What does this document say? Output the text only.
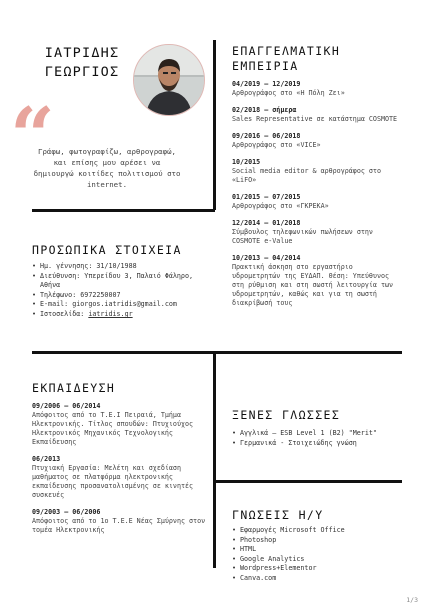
ΙΑΤΡΙΔΗΣ
ΓΕΩΡΓΙΟΣ
“
Γράφω, φωτογραφίζω, αρθρογραφώ, και επίσης μου αρέσει να δημιουργώ κοιτίδες πολιτισμού στο internet.
ΠΡΟΣΩΠΙΚΑ ΣΤΟΙΧΕΙΑ
• Ημ. γέννησης: 31/10/1988
• Διεύθυνση: Υπερείδου 3, Παλαιό Φάληρο, Αθήνα
• Τηλέφωνο: 6972250007
• E-mail: giorgos.iatridis@gmail.com
• Ιστοσελίδα: iatridis.gr
ΕΚΠΑΙΔΕΥΣΗ
09/2006 – 06/2014
Απόφοιτος από το Τ.Ε.Ι Πειραιά, Τμήμα Ηλεκτρονικής. Τίτλος σπουδών: Πτυχιούχος Ηλεκτρονικός Μηχανικός Τεχνολογικής Εκπαίδευσης
06/2013
Πτυχιακή Εργασία: Μελέτη και σχεδίαση μαθήματος σε πλατφόρμα ηλεκτρονικής εκπαίδευσης προσανατολισμένης σε κινητές συσκευές
09/2003 – 06/2006
Απόφοιτος από το 1ο Τ.Ε.Ε Νέας Σμύρνης στον τομέα Ηλεκτρονικής
ΕΠΑΓΓΕΛΜΑΤΙΚΗ
ΕΜΠΕΙΡΙΑ
04/2019 – 12/2019
Αρθρογράφος στο «Η Πόλη Ζει»
02/2018 – σήμερα
Sales Representative σε κατάστημα COSMOTE
09/2016 – 06/2018
Αρθρογράφος στο «VICE»
10/2015
Social media editor & αρθρογράφος στο «LiFO»
01/2015 – 07/2015
Αρθρογράφος στο «ΓΚΡΕΚΑ»
12/2014 – 01/2018
Σύμβουλος τηλεφωνικών πωλήσεων στην COSMOTE e-Value
10/2013 – 04/2014
Πρακτική άσκηση στο εργαστήριο υδρομετρητών της ΕΥΔΑΠ. Θέση: Υπεύθυνος στη ρύθμιση και στη σωστή λειτουργία των υδρομετρητών, καθώς και για τη σωστή διακρίβωσή τους
ΞΕΝΕΣ ΓΛΩΣΣΕΣ
• Αγγλικά – ESB Level 1 (B2) "Merit"
• Γερμανικά - Στοιχειώδης γνώση
ΓΝΩΣΕΙΣ Η/Υ
• Εφαρμογές Microsoft Office
• Photoshop
• HTML
• Google Analytics
• Wordpress+Elementor
• Canva.com
1/3
